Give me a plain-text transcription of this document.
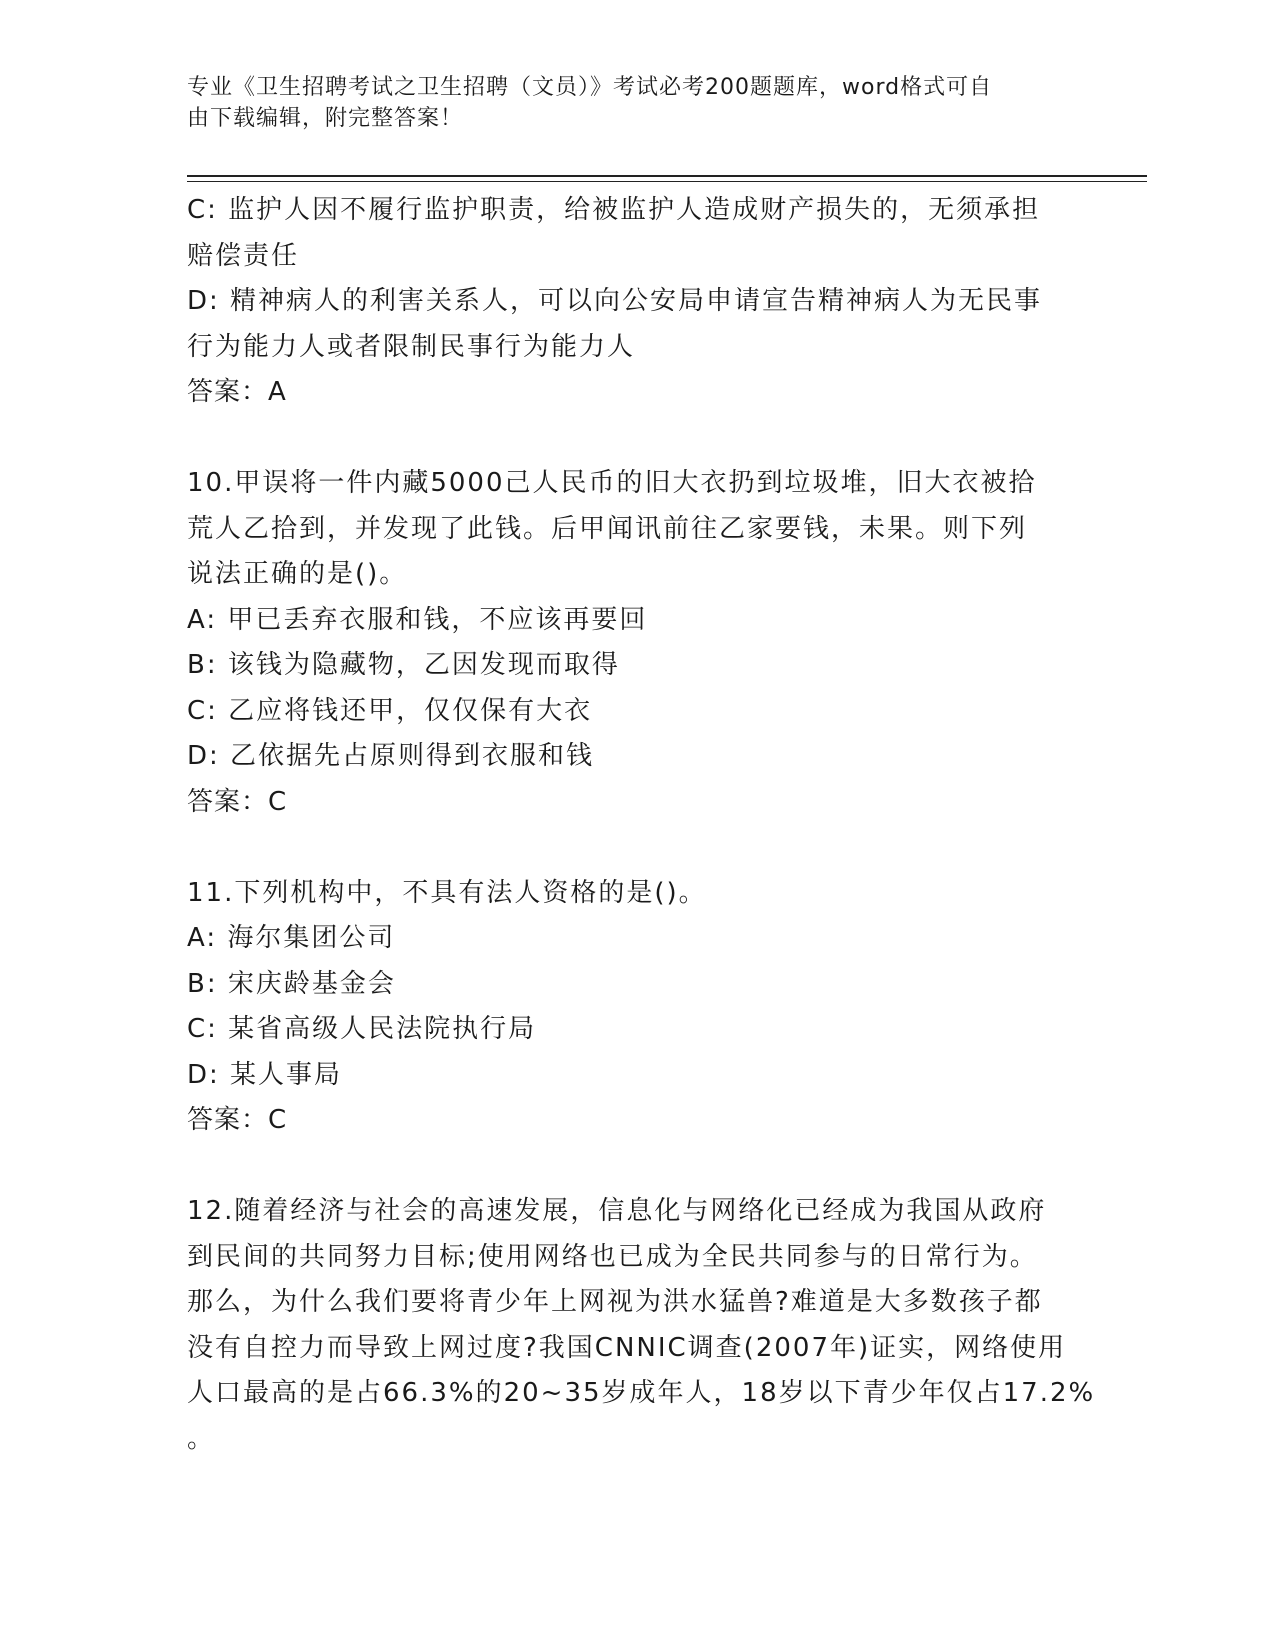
专业《卫生招聘考试之卫生招聘（文员）》考试必考200题题库，word格式可自
由下载编辑，附完整答案！
C: 监护人因不履行监护职责，给被监护人造成财产损失的，无须承担
赔偿责任
D: 精神病人的利害关系人，可以向公安局申请宣告精神病人为无民事
行为能力人或者限制民事行为能力人
答案：A
10.甲误将一件内藏5000己人民币的旧大衣扔到垃圾堆，旧大衣被拾
荒人乙拾到，并发现了此钱。后甲闻讯前往乙家要钱，未果。则下列
说法正确的是()。
A: 甲已丢弃衣服和钱，不应该再要回
B: 该钱为隐藏物，乙因发现而取得
C: 乙应将钱还甲，仅仅保有大衣
D: 乙依据先占原则得到衣服和钱
答案：C
11.下列机构中，不具有法人资格的是()。
A: 海尔集团公司
B: 宋庆龄基金会
C: 某省高级人民法院执行局
D: 某人事局
答案：C
12.随着经济与社会的高速发展，信息化与网络化已经成为我国从政府
到民间的共同努力目标;使用网络也已成为全民共同参与的日常行为。
那么，为什么我们要将青少年上网视为洪水猛兽?难道是大多数孩子都
没有自控力而导致上网过度?我国CNNIC调查(2007年)证实，网络使用
人口最高的是占66.3%的20~35岁成年人，18岁以下青少年仅占17.2%
。
